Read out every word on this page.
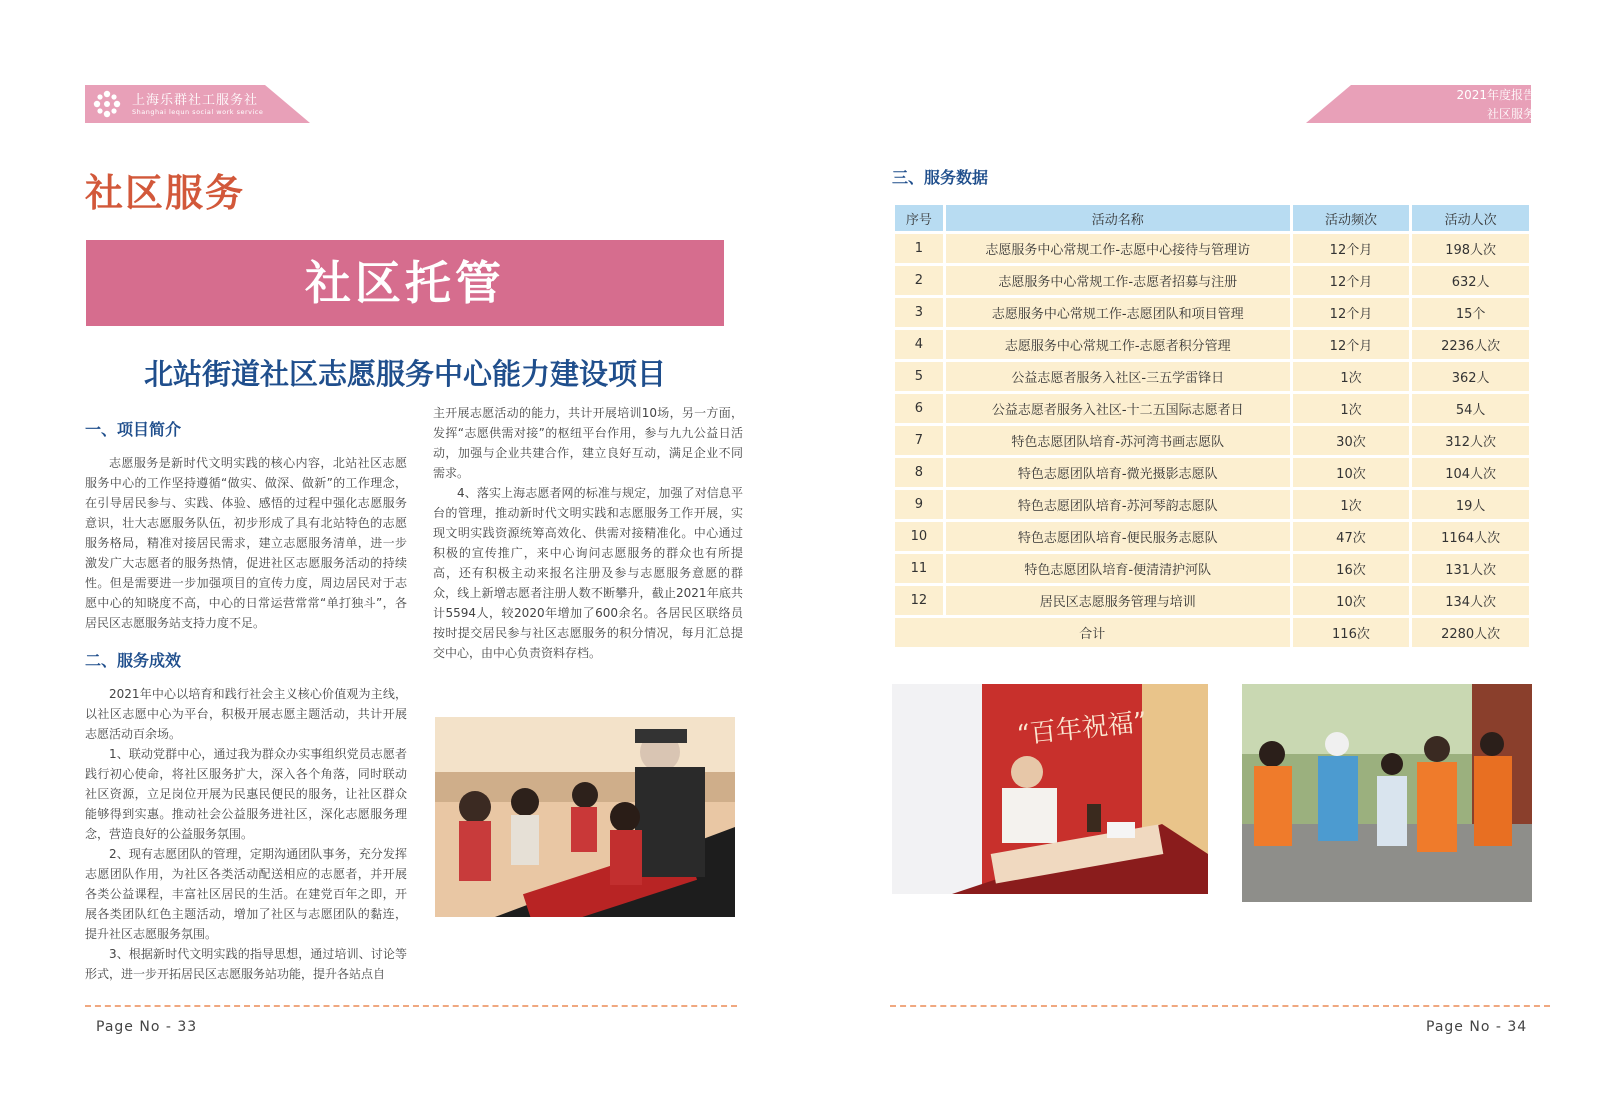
上海乐群社工服务社
Shanghai lequn social work service
2021年度报告
社区服务
社区服务
社区托管
北站街道社区志愿服务中心能力建设项目
一、项目简介

志愿服务是新时代文明实践的核心内容，北站社区志愿服务中心的工作坚持遵循“做实、做深、做新”的工作理念，在引导居民参与、实践、体验、感悟的过程中强化志愿服务意识，壮大志愿服务队伍，初步形成了具有北站特色的志愿服务格局，精准对接居民需求，建立志愿服务清单，进一步激发广大志愿者的服务热情，促进社区志愿服务活动的持续性。但是需要进一步加强项目的宣传力度，周边居民对于志愿中心的知晓度不高，中心的日常运营常常“单打独斗”，各居民区志愿服务站支持力度不足。

二、服务成效

2021年中心以培育和践行社会主义核心价值观为主线，以社区志愿中心为平台，积极开展志愿主题活动，共计开展志愿活动百余场。

1、联动党群中心，通过我为群众办实事组织党员志愿者践行初心使命，将社区服务扩大，深入各个角落，同时联动社区资源，立足岗位开展为民惠民便民的服务，让社区群众能够得到实惠。推动社会公益服务进社区，深化志愿服务理念，营造良好的公益服务氛围。

2、现有志愿团队的管理，定期沟通团队事务，充分发挥志愿团队作用，为社区各类活动配送相应的志愿者，并开展各类公益课程，丰富社区居民的生活。在建党百年之即，开展各类团队红色主题活动，增加了社区与志愿团队的黏连，提升社区志愿服务氛围。

3、根据新时代文明实践的指导思想，通过培训、讨论等形式，进一步开拓居民区志愿服务站功能，提升各站点自

主开展志愿活动的能力，共计开展培训10场，另一方面，发挥“志愿供需对接”的枢纽平台作用，参与九九公益日活动，加强与企业共建合作，建立良好互动，满足企业不同需求。

4、落实上海志愿者网的标准与规定，加强了对信息平台的管理，推动新时代文明实践和志愿服务工作开展，实现文明实践资源统筹高效化、供需对接精准化。中心通过积极的宣传推广，来中心询问志愿服务的群众也有所提高，还有积极主动来报名注册及参与志愿服务意愿的群众，线上新增志愿者注册人数不断攀升，截止2021年底共计5594人，较2020年增加了600余名。各居民区联络员按时提交居民参与社区志愿服务的积分情况，每月汇总提交中心，由中心负责资料存档。

Page No - 33
三、服务数据
序号	活动名称	活动频次	活动人次
1	志愿服务中心常规工作-志愿中心接待与管理访	12个月	198人次
2	志愿服务中心常规工作-志愿者招募与注册	12个月	632人
3	志愿服务中心常规工作-志愿团队和项目管理	12个月	15个
4	志愿服务中心常规工作-志愿者积分管理	12个月	2236人次
5	公益志愿者服务入社区-三五学雷锋日	1次	362人
6	公益志愿者服务入社区-十二五国际志愿者日	1次	54人
7	特色志愿团队培育-苏河湾书画志愿队	30次	312人次
8	特色志愿团队培育-微光摄影志愿队	10次	104人次
9	特色志愿团队培育-苏河琴韵志愿队	1次	19人
10	特色志愿团队培育-便民服务志愿队	47次	1164人次
11	特色志愿团队培育-便清清护河队	16次	131人次
12	居民区志愿服务管理与培训	10次	134人次
合计		116次	2280人次
“百年祝福”
Page No - 34
